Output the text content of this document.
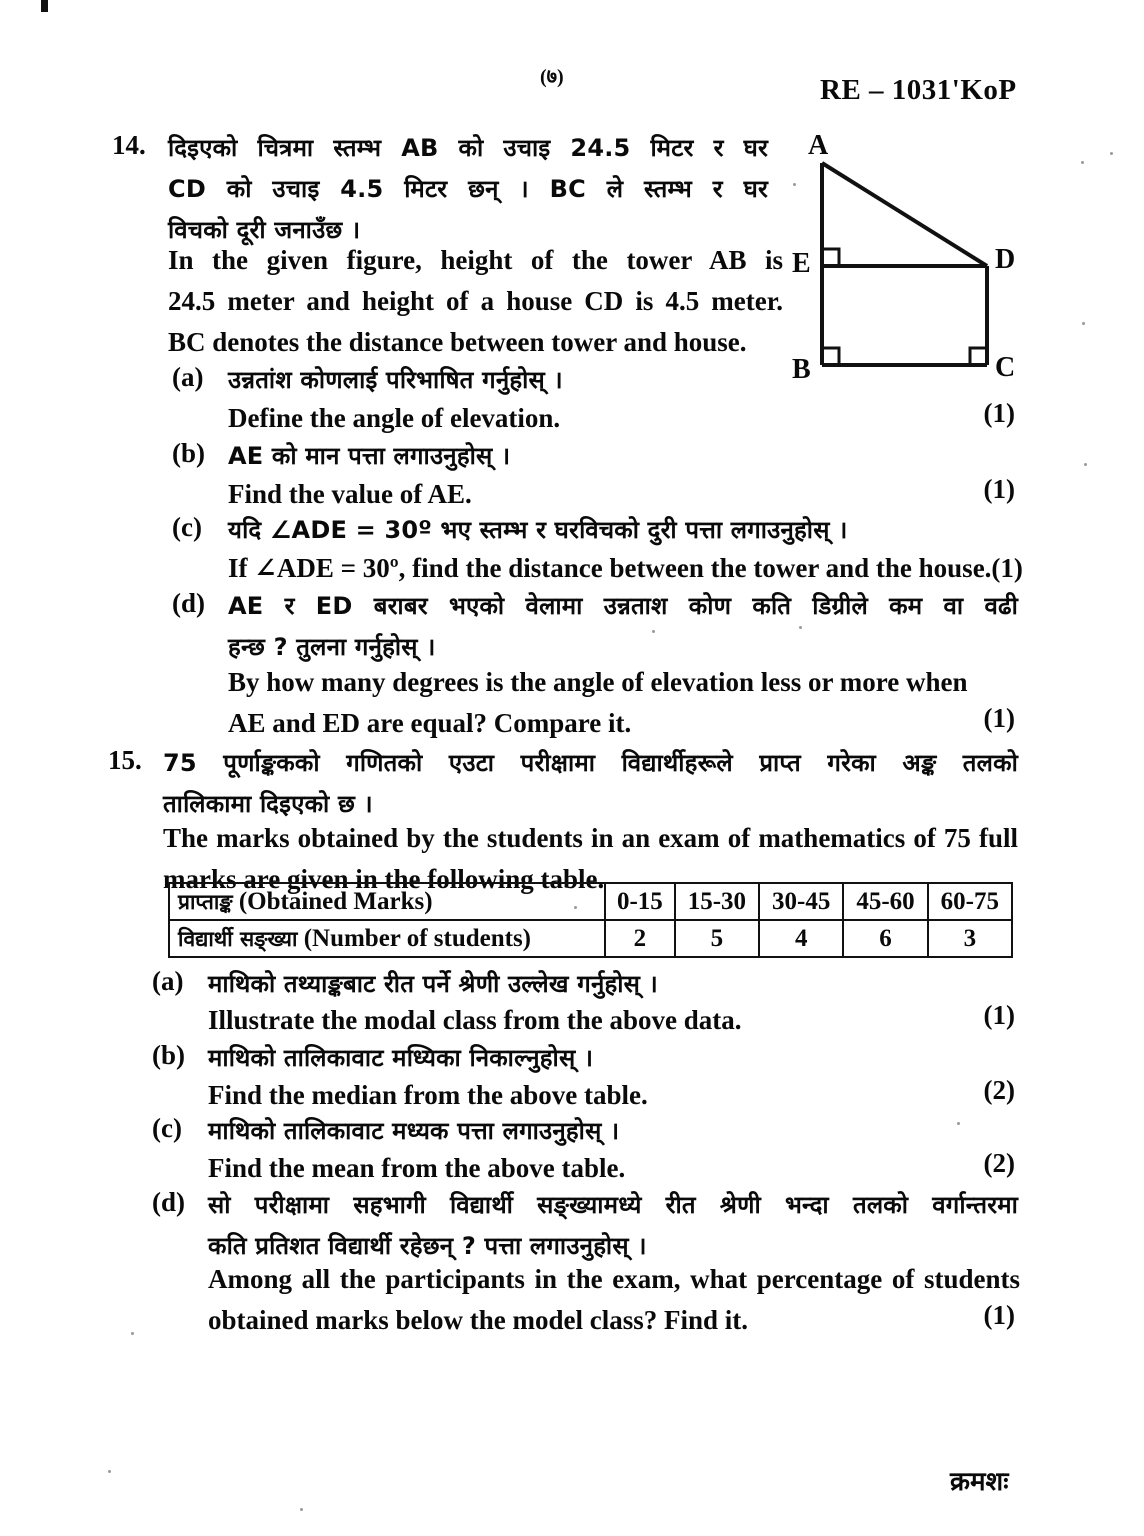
(७)	RE – 1031'KoP
14. दिइएको चित्रमा स्तम्भ AB को उचाइ 24.5 मिटर र घर
CD को उचाइ 4.5 मिटर छन् । BC ले स्तम्भ र घर
विचको दूरी जनाउँछ ।
In the given figure, height of the tower AB is
24.5 meter and height of a house CD is 4.5 meter.
BC denotes the distance between tower and house.
A
E
B
D
C
(a) उन्नतांश कोणलाई परिभाषित गर्नुहोस् ।
Define the angle of elevation.	(1)
(b) AE को मान पत्ता लगाउनुहोस् ।
Find the value of AE.	(1)
(c) यदि ∠ADE = 30º भए स्तम्भ र घरविचको दुरी पत्ता लगाउनुहोस् ।
If ∠ADE = 30º, find the distance between the tower and the house.(1)
(d) AE र ED बराबर भएको वेलामा उन्नताश कोण कति डिग्रीले कम वा वढी
हन्छ ? तुलना गर्नुहोस् ।
By how many degrees is the angle of elevation less or more when
AE and ED are equal? Compare it.	(1)
15. 75 पूर्णाङ्ककको गणितको एउटा परीक्षामा विद्यार्थीहरूले प्राप्त गरेका अङ्क तलको
तालिकामा दिइएको छ ।
The marks obtained by the students in an exam of mathematics of 75 full
marks are given in the following table.
प्राप्ताङ्क (Obtained Marks)	0-15	15-30	30-45	45-60	60-75
विद्यार्थी सङ्ख्या (Number of students)	2	5	4	6	3
(a) माथिको तथ्याङ्कबाट रीत पर्ने श्रेणी उल्लेख गर्नुहोस् ।
Illustrate the modal class from the above data.	(1)
(b) माथिको तालिकावाट मध्यिका निकाल्नुहोस् ।
Find the median from the above table.	(2)
(c) माथिको तालिकावाट मध्यक पत्ता लगाउनुहोस् ।
Find the mean from the above table.	(2)
(d) सो परीक्षामा सहभागी विद्यार्थी सङ्ख्यामध्ये रीत श्रेणी भन्दा तलको वर्गान्तरमा
कति प्रतिशत विद्यार्थी रहेछन् ? पत्ता लगाउनुहोस् ।
Among all the participants in the exam, what percentage of students
obtained marks below the model class? Find it.	(1)
क्रमशः
